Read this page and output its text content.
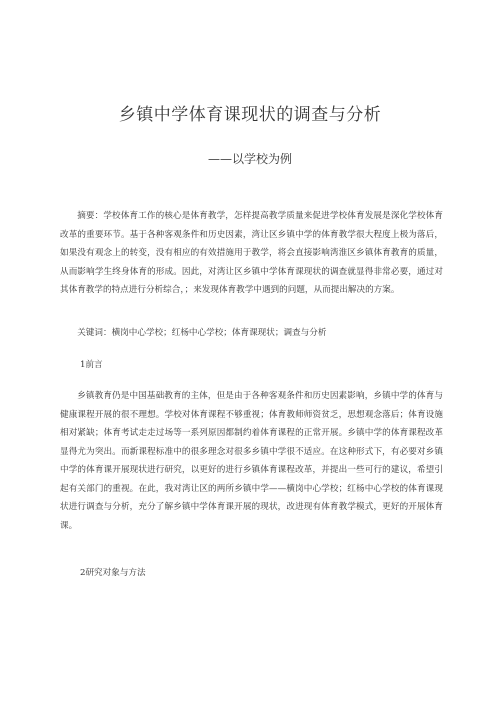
乡镇中学体育课现状的调查与分析
——以学校为例

摘要：学校体育工作的核心是体育教学，怎样提高教学质量来促进学校体育发展是深化学校体育改革的重要环节。基于各种客观条件和历史因素，湾让区乡镇中学的体育教学很大程度上极为落后，如果没有观念上的转变，没有相应的有效措施用于教学，将会直接影响湾淮区乡镇体育教育的质量，从而影响学生终身体育的形成。因此，对湾让区乡镇中学体育课现状的调查就显得非常必要，通过对其体育教学的特点进行分析综合，；来发现体育教学中遇到的问题，从而提出解决的方案。

关键词：横岗中心学校；红杨中心学校；体育课现状；调查与分析

1前言

乡镇教育仍是中国基础教育的主体，但是由于各种客观条件和历史因素影响，乡镇中学的体育与健康课程开展的很不理想。学校对体育课程不够重视；体育教师师资贫乏，思想观念落后；体育设施相对紧缺；体育考试走走过场等一系列原因都制约着体育课程的正常开展。乡镇中学的体育课程改革显得尤为突出。而新课程标准中的很多理念对很多乡镇中学很不适应。在这种形式下，有必要对乡镇中学的体育课开展现状进行研究，以更好的进行乡镇体育课程改革，并提出一些可行的建议，希望引起有关部门的重视。在此，我对湾让区的两所乡镇中学——横岗中心学校；红杨中心学校的体育课现状进行调查与分析，充分了解乡镇中学体育课开展的现状，改进现有体育教学模式，更好的开展体育课。

2研究对象与方法
